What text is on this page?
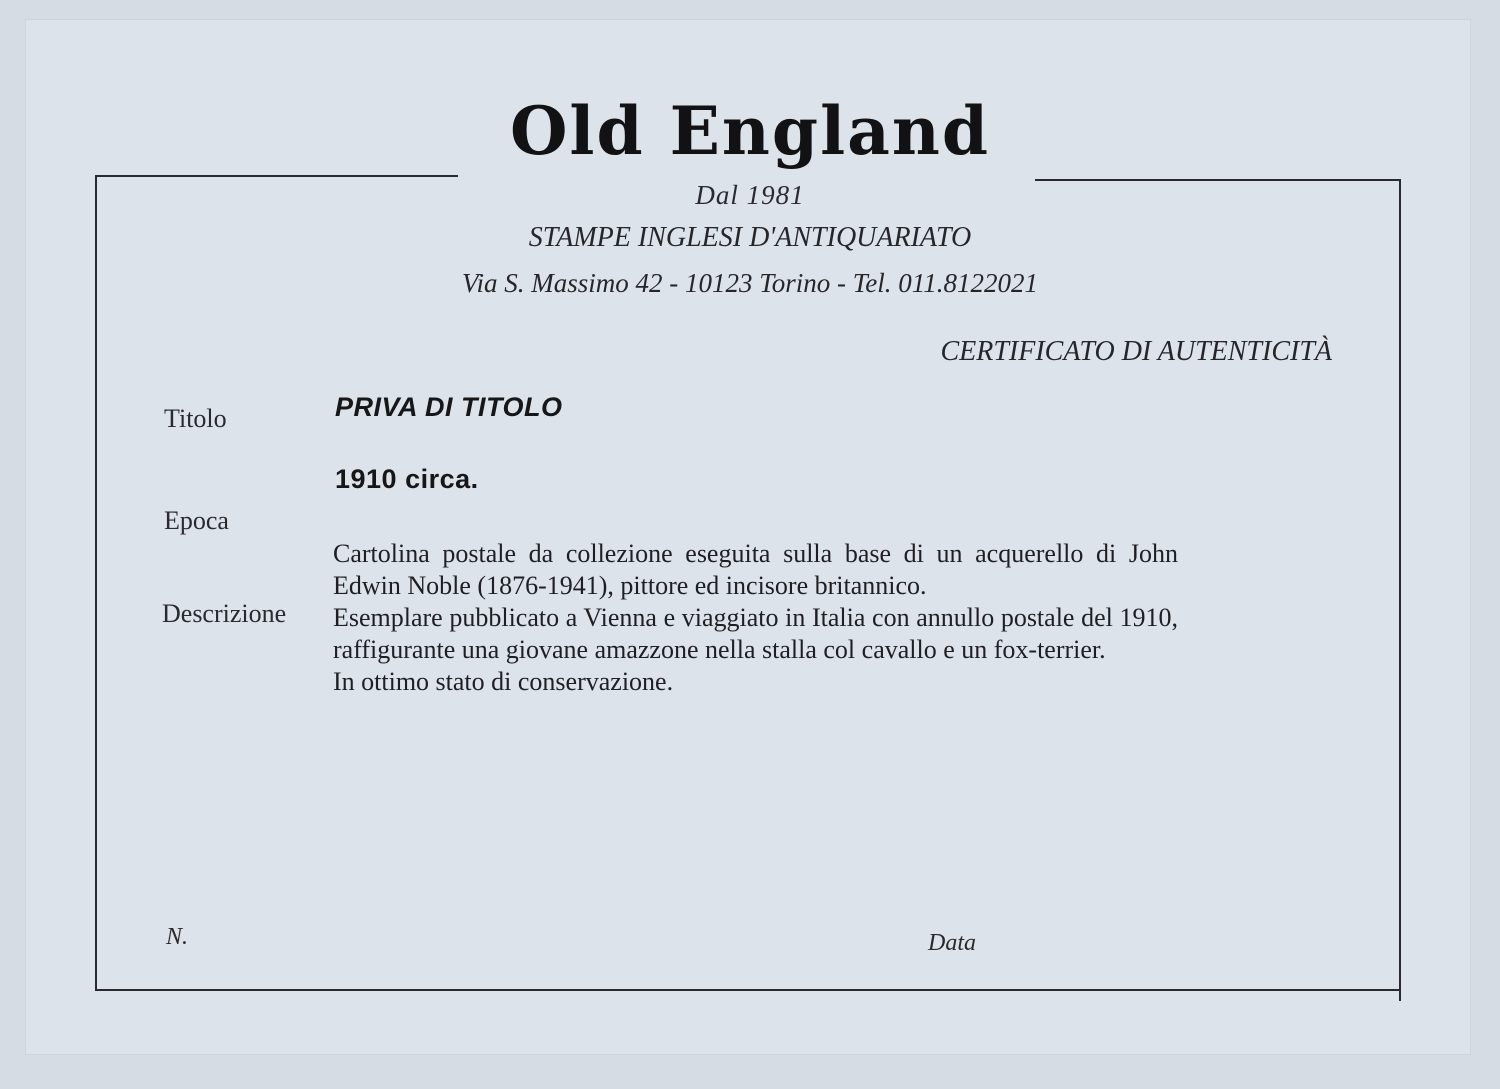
Old England
Dal 1981
STAMPE INGLESI D'ANTIQUARIATO
Via S. Massimo 42 - 10123 Torino - Tel. 011.8122021
CERTIFICATO DI AUTENTICITÀ
Titolo	PRIVA DI TITOLO
Epoca
1910 circa.
Descrizione

Cartolina postale da collezione eseguita sulla base di un acquerello di John Edwin Noble (1876-1941), pittore ed incisore britannico.

Esemplare pubblicato a Vienna e viaggiato in Italia con annullo postale del 1910, raffigurante una giovane amazzone nella stalla col cavallo e un fox-terrier.

In ottimo stato di conservazione.

N.	Data
